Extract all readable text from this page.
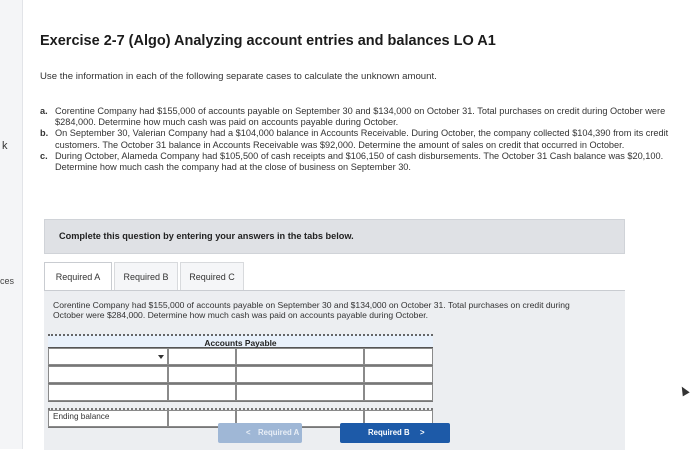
k
ces
Exercise 2-7 (Algo) Analyzing account entries and balances LO A1
Use the information in each of the following separate cases to calculate the unknown amount.
a. Corentine Company had $155,000 of accounts payable on September 30 and $134,000 on October 31. Total purchases on credit during October were $284,000. Determine how much cash was paid on accounts payable during October.
b. On September 30, Valerian Company had a $104,000 balance in Accounts Receivable. During October, the company collected $104,390 from its credit customers. The October 31 balance in Accounts Receivable was $92,000. Determine the amount of sales on credit that occurred in October.
c. During October, Alameda Company had $105,500 of cash receipts and $106,150 of cash disbursements. The October 31 Cash balance was $20,100. Determine how much cash the company had at the close of business on September 30.
Complete this question by entering your answers in the tabs below.
Required A	Required B	Required C
Corentine Company had $155,000 of accounts payable on September 30 and $134,000 on October 31. Total purchases on credit during October were $284,000. Determine how much cash was paid on accounts payable during October.
Accounts Payable
Ending balance
< Required A	Required B >
